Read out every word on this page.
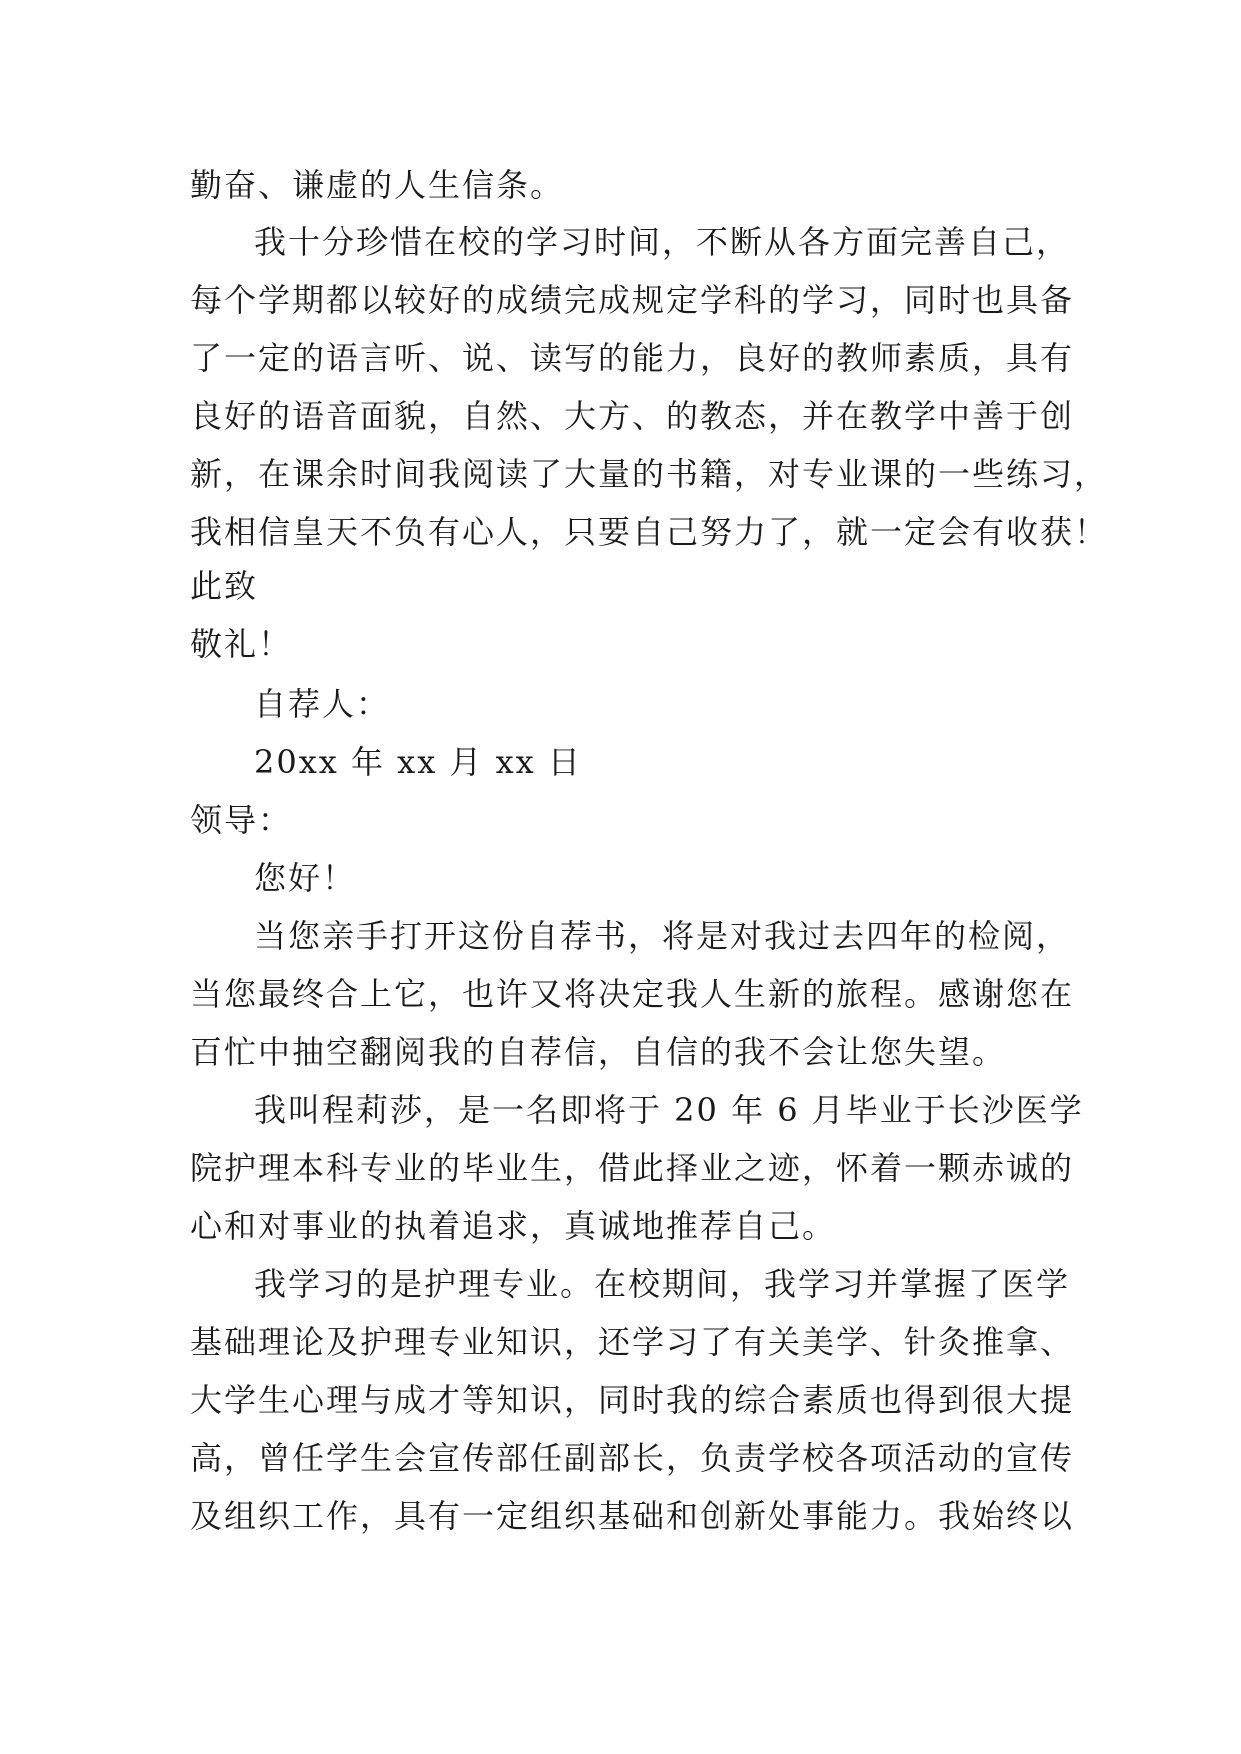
勤奋、谦虚的人生信条。
我十分珍惜在校的学习时间，不断从各方面完善自己，
每个学期都以较好的成绩完成规定学科的学习，同时也具备
了一定的语言听、说、读写的能力，良好的教师素质，具有
良好的语音面貌，自然、大方、的教态，并在教学中善于创
新，在课余时间我阅读了大量的书籍，对专业课的一些练习，
我相信皇天不负有心人，只要自己努力了，就一定会有收获！
此致
敬礼！
自荐人：
20xx 年 xx 月 xx 日
领导：
您好！
当您亲手打开这份自荐书，将是对我过去四年的检阅，
当您最终合上它，也许又将决定我人生新的旅程。感谢您在
百忙中抽空翻阅我的自荐信，自信的我不会让您失望。
我叫程莉莎，是一名即将于 20 年 6 月毕业于长沙医学
院护理本科专业的毕业生，借此择业之迹，怀着一颗赤诚的
心和对事业的执着追求，真诚地推荐自己。
我学习的是护理专业。在校期间，我学习并掌握了医学
基础理论及护理专业知识，还学习了有关美学、针灸推拿、
大学生心理与成才等知识，同时我的综合素质也得到很大提
高，曾任学生会宣传部任副部长，负责学校各项活动的宣传
及组织工作，具有一定组织基础和创新处事能力。我始终以
